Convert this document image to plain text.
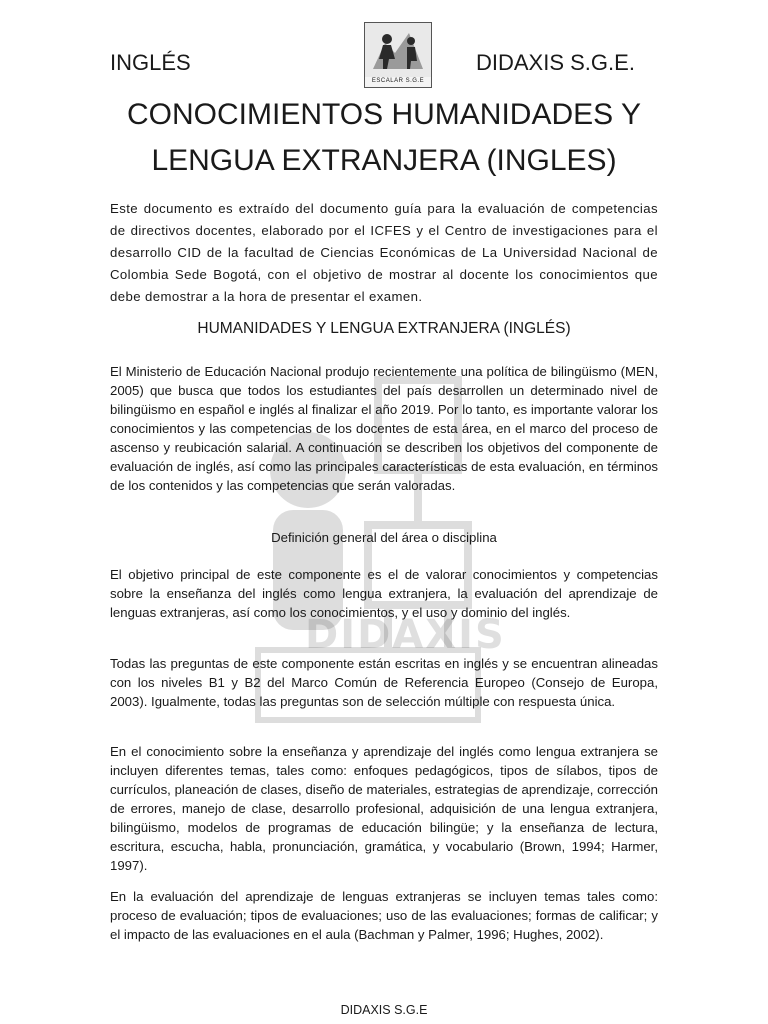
DIDAXIS
INGLÉS
ESCALAR S.G.E
DIDAXIS S.G.E.
CONOCIMIENTOS HUMANIDADES Y
LENGUA EXTRANJERA (INGLES)

Este documento es extraído del documento guía para la evaluación de competencias de directivos docentes, elaborado por el ICFES y el Centro de investigaciones para el desarrollo CID de la facultad de Ciencias Económicas de La Universidad Nacional de Colombia Sede Bogotá, con el objetivo de mostrar al docente los conocimientos que debe demostrar a la hora de presentar el examen.

HUMANIDADES Y LENGUA EXTRANJERA (INGLÉS)

El Ministerio de Educación Nacional produjo recientemente una política de bilingüismo (MEN, 2005) que busca que todos los estudiantes del país desarrollen un determinado nivel de bilingüismo en español e inglés al finalizar el año 2019. Por lo tanto, es importante valorar los conocimientos y las competencias de los docentes de esta área, en el marco del proceso de ascenso y reubicación salarial. A continuación se describen los objetivos del componente de evaluación de inglés, así como las principales características de esta evaluación, en términos de los contenidos y las competencias que serán valoradas.

Definición general del área o disciplina

El objetivo principal de este componente es el de valorar conocimientos y competencias sobre la enseñanza del inglés como lengua extranjera, la evaluación del aprendizaje de lenguas extranjeras, así como los conocimientos, y el uso y dominio del inglés.

Todas las preguntas de este componente están escritas en inglés y se encuentran alineadas con los niveles B1 y B2 del Marco Común de Referencia Europeo (Consejo de Europa, 2003). Igualmente, todas las preguntas son de selección múltiple con respuesta única.

En el conocimiento sobre la enseñanza y aprendizaje del inglés como lengua extranjera se incluyen diferentes temas, tales como: enfoques pedagógicos, tipos de sílabos, tipos de currículos, planeación de clases, diseño de materiales, estrategias de aprendizaje, corrección de errores, manejo de clase, desarrollo profesional, adquisición de una lengua extranjera, bilingüismo, modelos de programas de educación bilingüe; y la enseñanza de lectura, escritura, escucha, habla, pronunciación, gramática, y vocabulario (Brown, 1994; Harmer, 1997).

En la evaluación del aprendizaje de lenguas extranjeras se incluyen temas tales como: proceso de evaluación; tipos de evaluaciones; uso de las evaluaciones; formas de calificar; y el impacto de las evaluaciones en el aula (Bachman y Palmer, 1996; Hughes, 2002).

DIDAXIS S.G.E
